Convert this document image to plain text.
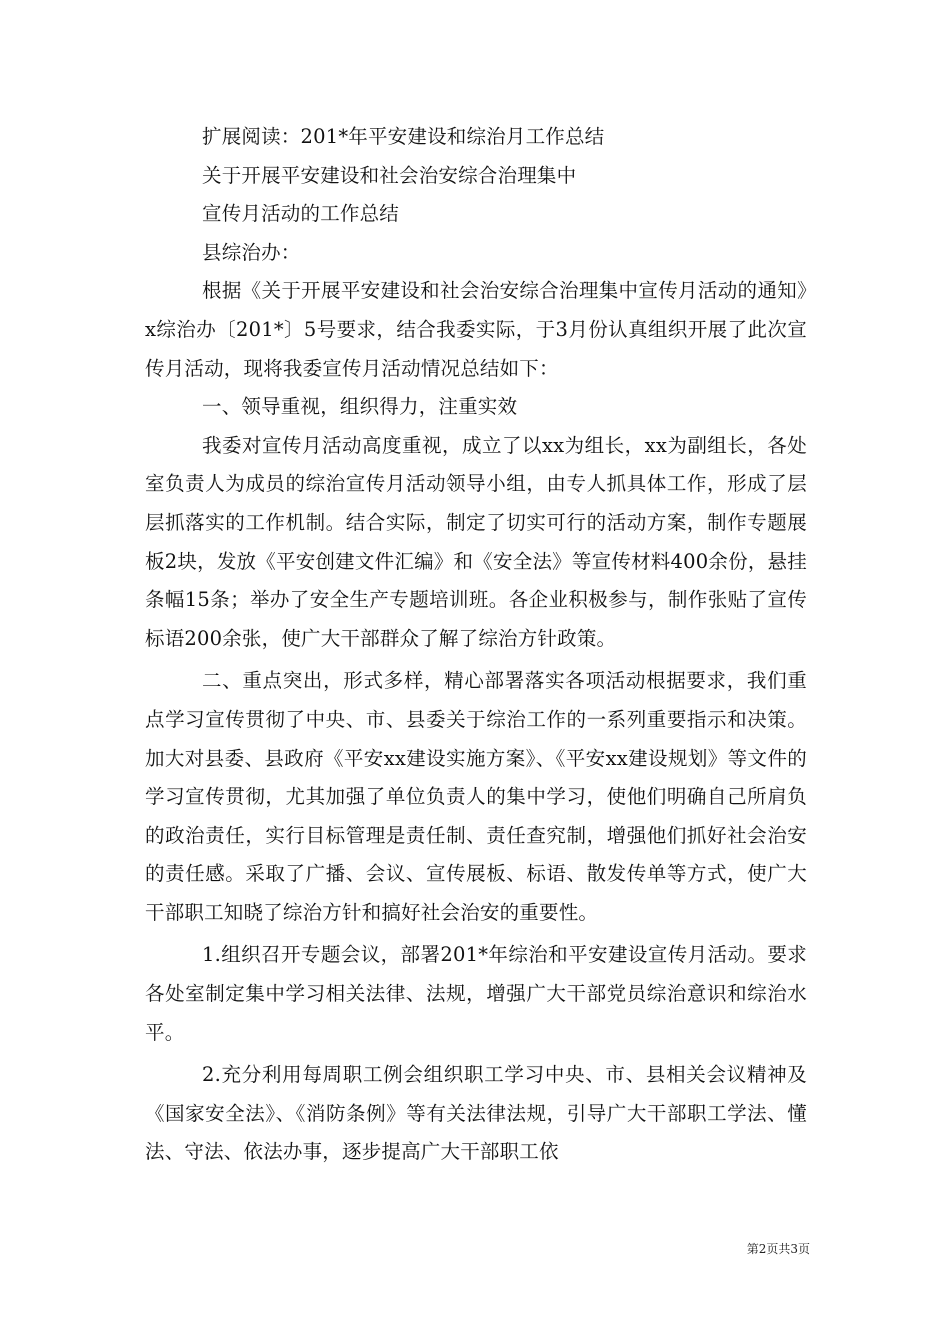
扩展阅读：201*年平安建设和综治月工作总结
关于开展平安建设和社会治安综合治理集中
宣传月活动的工作总结
县综治办：

根据《关于开展平安建设和社会治安综合治理集中宣传月活动的通知》x综治办〔201*〕5号要求，结合我委实际，于3月份认真组织开展了此次宣传月活动，现将我委宣传月活动情况总结如下：

一、领导重视，组织得力，注重实效

我委对宣传月活动高度重视，成立了以xx为组长，xx为副组长，各处室负责人为成员的综治宣传月活动领导小组，由专人抓具体工作，形成了层层抓落实的工作机制。结合实际，制定了切实可行的活动方案，制作专题展板2块，发放《平安创建文件汇编》和《安全法》等宣传材料400余份，悬挂条幅15条；举办了安全生产专题培训班。各企业积极参与，制作张贴了宣传标语200余张，使广大干部群众了解了综治方针政策。

二、重点突出，形式多样，精心部署落实各项活动根据要求，我们重点学习宣传贯彻了中央、市、县委关于综治工作的一系列重要指示和决策。加大对县委、县政府《平安xx建设实施方案》、《平安xx建设规划》等文件的学习宣传贯彻，尤其加强了单位负责人的集中学习，使他们明确自己所肩负的政治责任，实行目标管理是责任制、责任查究制，增强他们抓好社会治安的责任感。采取了广播、会议、宣传展板、标语、散发传单等方式，使广大干部职工知晓了综治方针和搞好社会治安的重要性。

1.组织召开专题会议，部署201*年综治和平安建设宣传月活动。要求各处室制定集中学习相关法律、法规，增强广大干部党员综治意识和综治水平。

2.充分利用每周职工例会组织职工学习中央、市、县相关会议精神及《国家安全法》、《消防条例》等有关法律法规，引导广大干部职工学法、懂法、守法、依法办事，逐步提高广大干部职工依

第2页共3页
